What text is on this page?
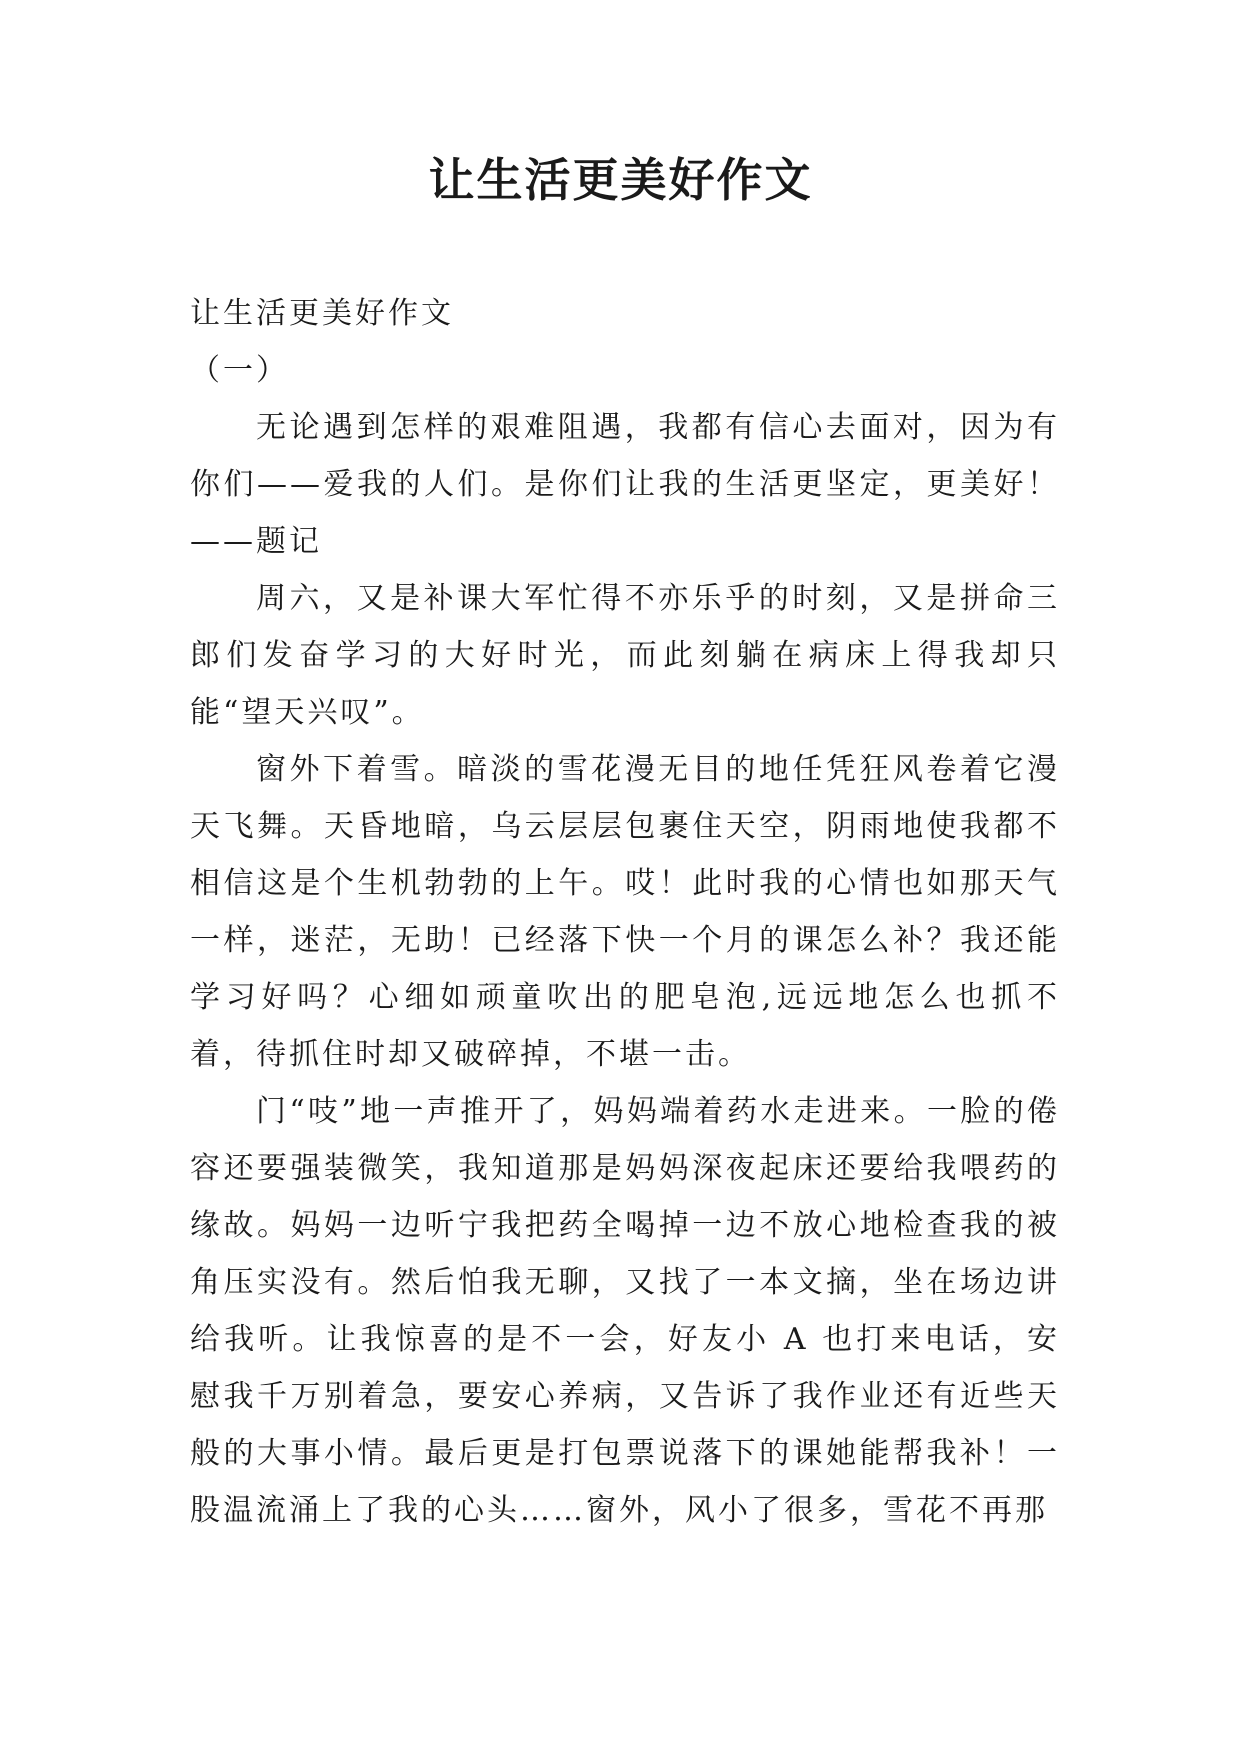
让生活更美好作文

让生活更美好作文

（一）

无论遇到怎样的艰难阻遇，我都有信心去面对，因为有你们——爱我的人们。是你们让我的生活更坚定，更美好！——题记

周六，又是补课大军忙得不亦乐乎的时刻，又是拼命三郎们发奋学习的大好时光，而此刻躺在病床上得我却只能“望天兴叹”。

窗外下着雪。暗淡的雪花漫无目的地任凭狂风卷着它漫天飞舞。天昏地暗，乌云层层包裹住天空，阴雨地使我都不相信这是个生机勃勃的上午。哎！此时我的心情也如那天气一样，迷茫，无助！已经落下快一个月的课怎么补？我还能学习好吗？心细如顽童吹出的肥皂泡,远远地怎么也抓不着，待抓住时却又破碎掉，不堪一击。

门“吱”地一声推开了，妈妈端着药水走进来。一脸的倦容还要强装微笑，我知道那是妈妈深夜起床还要给我喂药的缘故。妈妈一边听宁我把药全喝掉一边不放心地检查我的被角压实没有。然后怕我无聊，又找了一本文摘，坐在场边讲给我听。让我惊喜的是不一会，好友小 A 也打来电话，安慰我千万别着急，要安心养病，又告诉了我作业还有近些天般的大事小情。最后更是打包票说落下的课她能帮我补！一股温流涌上了我的心头……窗外，风小了很多，雪花不再那
